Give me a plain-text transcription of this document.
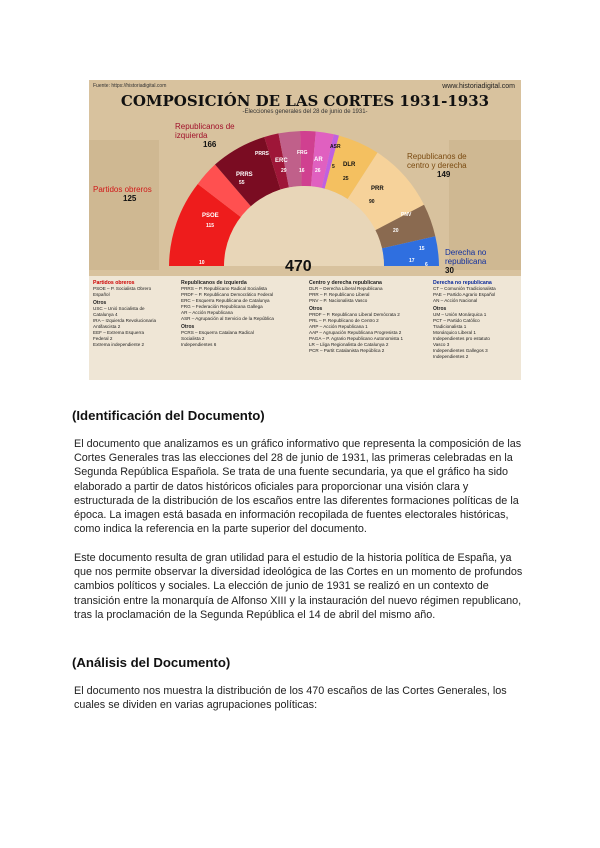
Fuente: https://historiadigital.com	www.historiadigital.com
COMPOSICIÓN DE LAS CORTES 1931-1933
-Elecciones generales del 28 de junio de 1931-
Partidos obreros
125
Republicanos de
izquierda
166
Republicanos de
centro y derecha
149
Derecha no
republicana
30
PSOE
115
10
PRRS
55
PRRS
ERC
29
FRG
16
AR
26
ASR
5 DLR
25
PRR
90
PNV
20
15
17
6
470
Partidos obreros
PSOE – P. Socialista Obrero
Español
Otros
USC – Unió Socialista de
Catalunya 4
IRA – Izquierda Revolucionaria
Antifascista 2
EEF – Extrema Esquerra
Federal 2
Extrema independiente 2
Republicanos de izquierda
PRRS – P. Republicano Radical Socialista
PRDF – P. Republicano Democrático Federal
ERC – Esquerra Republicana de Catalunya
FRG – Federación Republicana Gallega
AR – Acción Republicana
ASR – Agrupación al Servicio de la República
Otros
PCRS – Esquerra Catalana Radical
Socialista 2
Independientes 6
Centro y derecha republicana
DLR – Derecha Liberal Republicana
PRR – P. Republicano Liberal
PNV – P. Nacionalista Vasco
Otros
PRDF – P. Republicano Liberal Demócrata 2
PRL – P. Republicano de Centro 2
ARP – Acción Republicana 1
AAP – Agrupación Republicana Progresista 2
PAGA – P. Agrario Republicano Autonomista 1
LR – Lliga Regionalista de Catalunya 2
PCR – Partit Catalanista República 2
Derecha no republicana
CT – Comunión Tradicionalista
PAE – Partido Agrario Español
AN – Acción Nacional
Otros
UM – Unión Monárquica 1
PCT – Partido Católico
Tradicionalista 1
Monárquico Liberal 1
Independientes pro estatuto
Vasco 3
Independientes Gallegos 3
Independientes 2
(Identificación del Documento)

El documento que analizamos es un gráfico informativo que representa la composición de las Cortes Generales tras las elecciones del 28 de junio de 1931, las primeras celebradas en la Segunda República Española. Se trata de una fuente secundaria, ya que el gráfico ha sido elaborado a partir de datos históricos oficiales para proporcionar una visión clara y estructurada de la distribución de los escaños entre las diferentes formaciones políticas de la época. La imagen está basada en información recopilada de fuentes electorales históricas, como indica la referencia en la parte superior del documento.

Este documento resulta de gran utilidad para el estudio de la historia política de España, ya que nos permite observar la diversidad ideológica de las Cortes en un momento de profundos cambios políticos y sociales. La elección de junio de 1931 se realizó en un contexto de transición entre la monarquía de Alfonso XIII y la instauración del nuevo régimen republicano, tras la proclamación de la Segunda República el 14 de abril del mismo año.

(Análisis del Documento)

El documento nos muestra la distribución de los 470 escaños de las Cortes Generales, los cuales se dividen en varias agrupaciones políticas:
